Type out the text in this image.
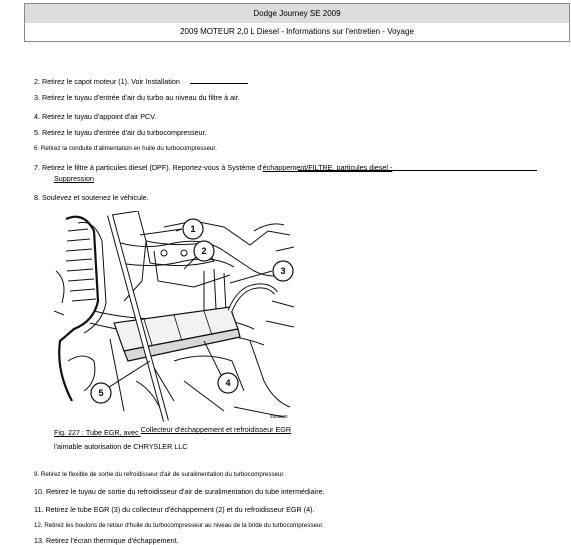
Dodge Journey SE 2009
2009 MOTEUR 2,0 L Diesel - Informations sur l'entretien - Voyage
2. Retirez le capot moteur (1). Voir Installation
3. Retirez le tuyau d'entrée d'air du turbo au niveau du filtre à air.
4. Retirez le tuyau d'appoint d'air PCV.
5. Retirez le tuyau d'entrée d'air du turbocompresseur.
6. Retirez la conduite d'alimentation en huile du turbocompresseur.
7. Retirez le filtre à particules diesel (DPF). Reportez-vous à Système d'échappement/FILTRE, particules diesel -
Suppression
8. Soulevez et soutenez le véhicule.
1
2
3
4
5
2508698
Fig. 227 : Tube EGR, avec Collecteur d'échappement et refroidisseur EGR
l'aimable autorisation de CHRYSLER LLC
9. Retirez le flexible de sortie du refroidisseur d'air de suralimentation du turbocompresseur.
10. Retirez le tuyau de sortie du refroidisseur d'air de suralimentation du tube intermédiaire.
11. Retirez le tube EGR (3) du collecteur d'échappement (2) et du refroidisseur EGR (4).
12. Retirez les boulons de retour d'huile du turbocompresseur au niveau de la bride du turbocompresseur.
13. Retirez l'écran thermique d'échappement.
